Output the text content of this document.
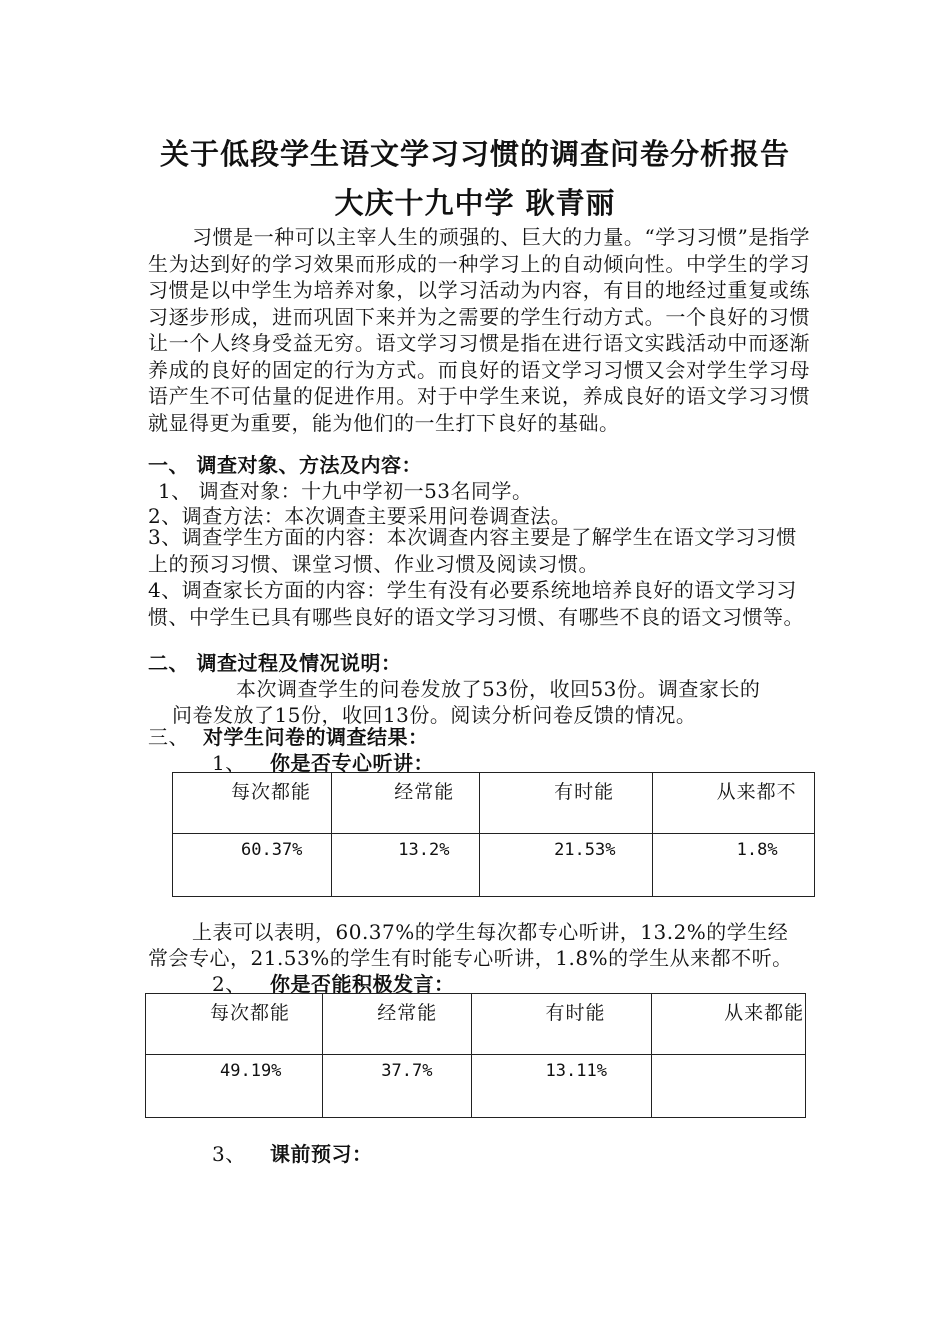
关于低段学生语文学习习惯的调查问卷分析报告
大庆十九中学 耿青丽
习惯是一种可以主宰人生的顽强的、巨大的力量。“学习习惯”是指学生为达到好的学习效果而形成的一种学习上的自动倾向性。中学生的学习习惯是以中学生为培养对象，以学习活动为内容，有目的地经过重复或练习逐步形成，进而巩固下来并为之需要的学生行动方式。一个良好的习惯让一个人终身受益无穷。语文学习习惯是指在进行语文实践活动中而逐渐养成的良好的固定的行为方式。而良好的语文学习习惯又会对学生学习母语产生不可估量的促进作用。对于中学生来说，养成良好的语文学习习惯就显得更为重要，能为他们的一生打下良好的基础。
一、 调查对象、方法及内容：
1、 调查对象：十九中学初一53名同学。
2、调查方法：本次调查主要采用问卷调查法。
3、调查学生方面的内容：本次调查内容主要是了解学生在语文学习习惯上的预习习惯、课堂习惯、作业习惯及阅读习惯。
4、调查家长方面的内容：学生有没有必要系统地培养良好的语文学习习惯、中学生已具有哪些良好的语文学习习惯、有哪些不良的语文习惯等。
二、 调查过程及情况说明：
本次调查学生的问卷发放了53份，收回53份。调查家长的
问卷发放了15份，收回13份。阅读分析问卷反馈的情况。
三、 对学生问卷的调查结果：
1、 你是否专心听讲：
每次都能	经常能	有时能	从来都不
60.37%	13.2%	21.53%	1.8%
上表可以表明，60.37%的学生每次都专心听讲，13.2%的学生经
常会专心，21.53%的学生有时能专心听讲，1.8%的学生从来都不听。
2、 你是否能积极发言：
每次都能	经常能	有时能	从来都能
49.19%	37.7%	13.11%	
3、 课前预习：
